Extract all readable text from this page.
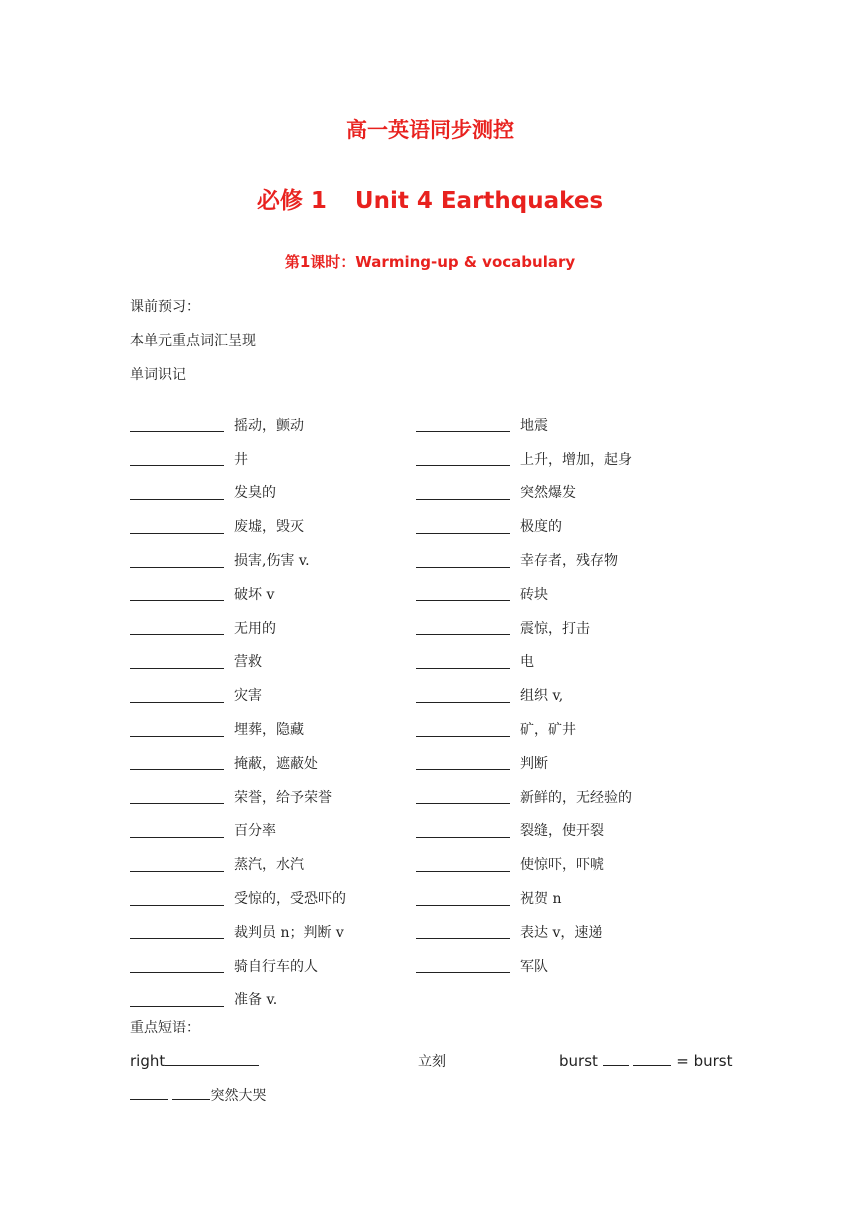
高一英语同步测控
必修 1 Unit 4 Earthquakes
第1课时：Warming-up & vocabulary
课前预习：
本单元重点词汇呈现
单词识记
摇动，颤动	地震
井	上升，增加，起身
发臭的	突然爆发
废墟，毁灭	极度的
损害,伤害 v.	幸存者，残存物
破坏 v	砖块
无用的	震惊，打击
营救	电
灾害	组织 v,
埋葬，隐藏	矿，矿井
掩蔽，遮蔽处	判断
荣誉，给予荣誉	新鲜的，无经验的
百分率	裂缝，使开裂
蒸汽，水汽	使惊吓，吓唬
受惊的，受恐吓的	祝贺 n
裁判员 n；判断 v	表达 v，速递
骑自行车的人	军队
准备 v.
重点短语：
right	立刻	burst	= burst
突然大哭
